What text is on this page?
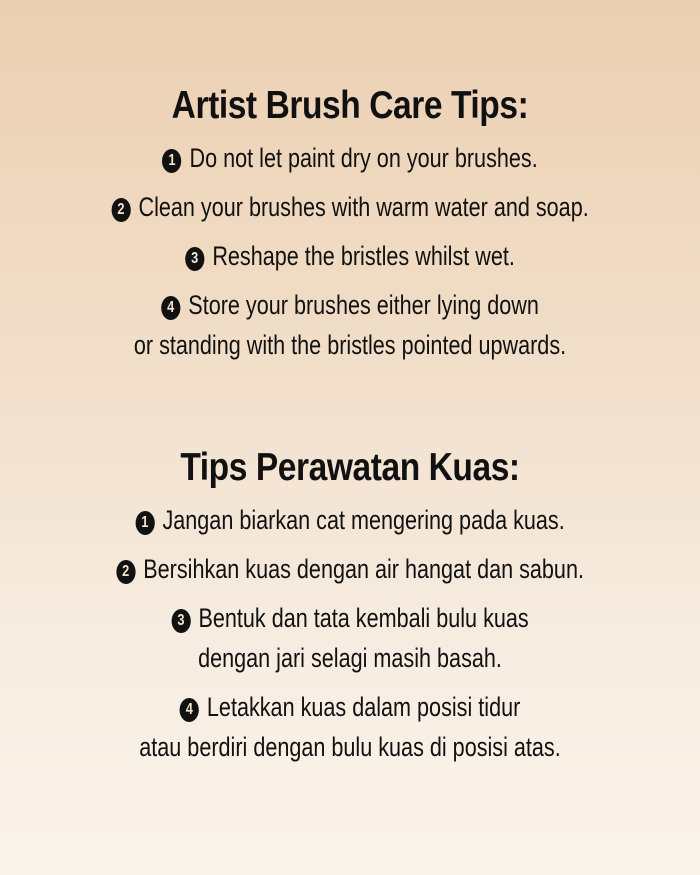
Artist Brush Care Tips:
1 Do not let paint dry on your brushes.
2 Clean your brushes with warm water and soap.
3 Reshape the bristles whilst wet.
4 Store your brushes either lying down
or standing with the bristles pointed upwards.
Tips Perawatan Kuas:
1 Jangan biarkan cat mengering pada kuas.
2 Bersihkan kuas dengan air hangat dan sabun.
3 Bentuk dan tata kembali bulu kuas
dengan jari selagi masih basah.
4 Letakkan kuas dalam posisi tidur
atau berdiri dengan bulu kuas di posisi atas.
